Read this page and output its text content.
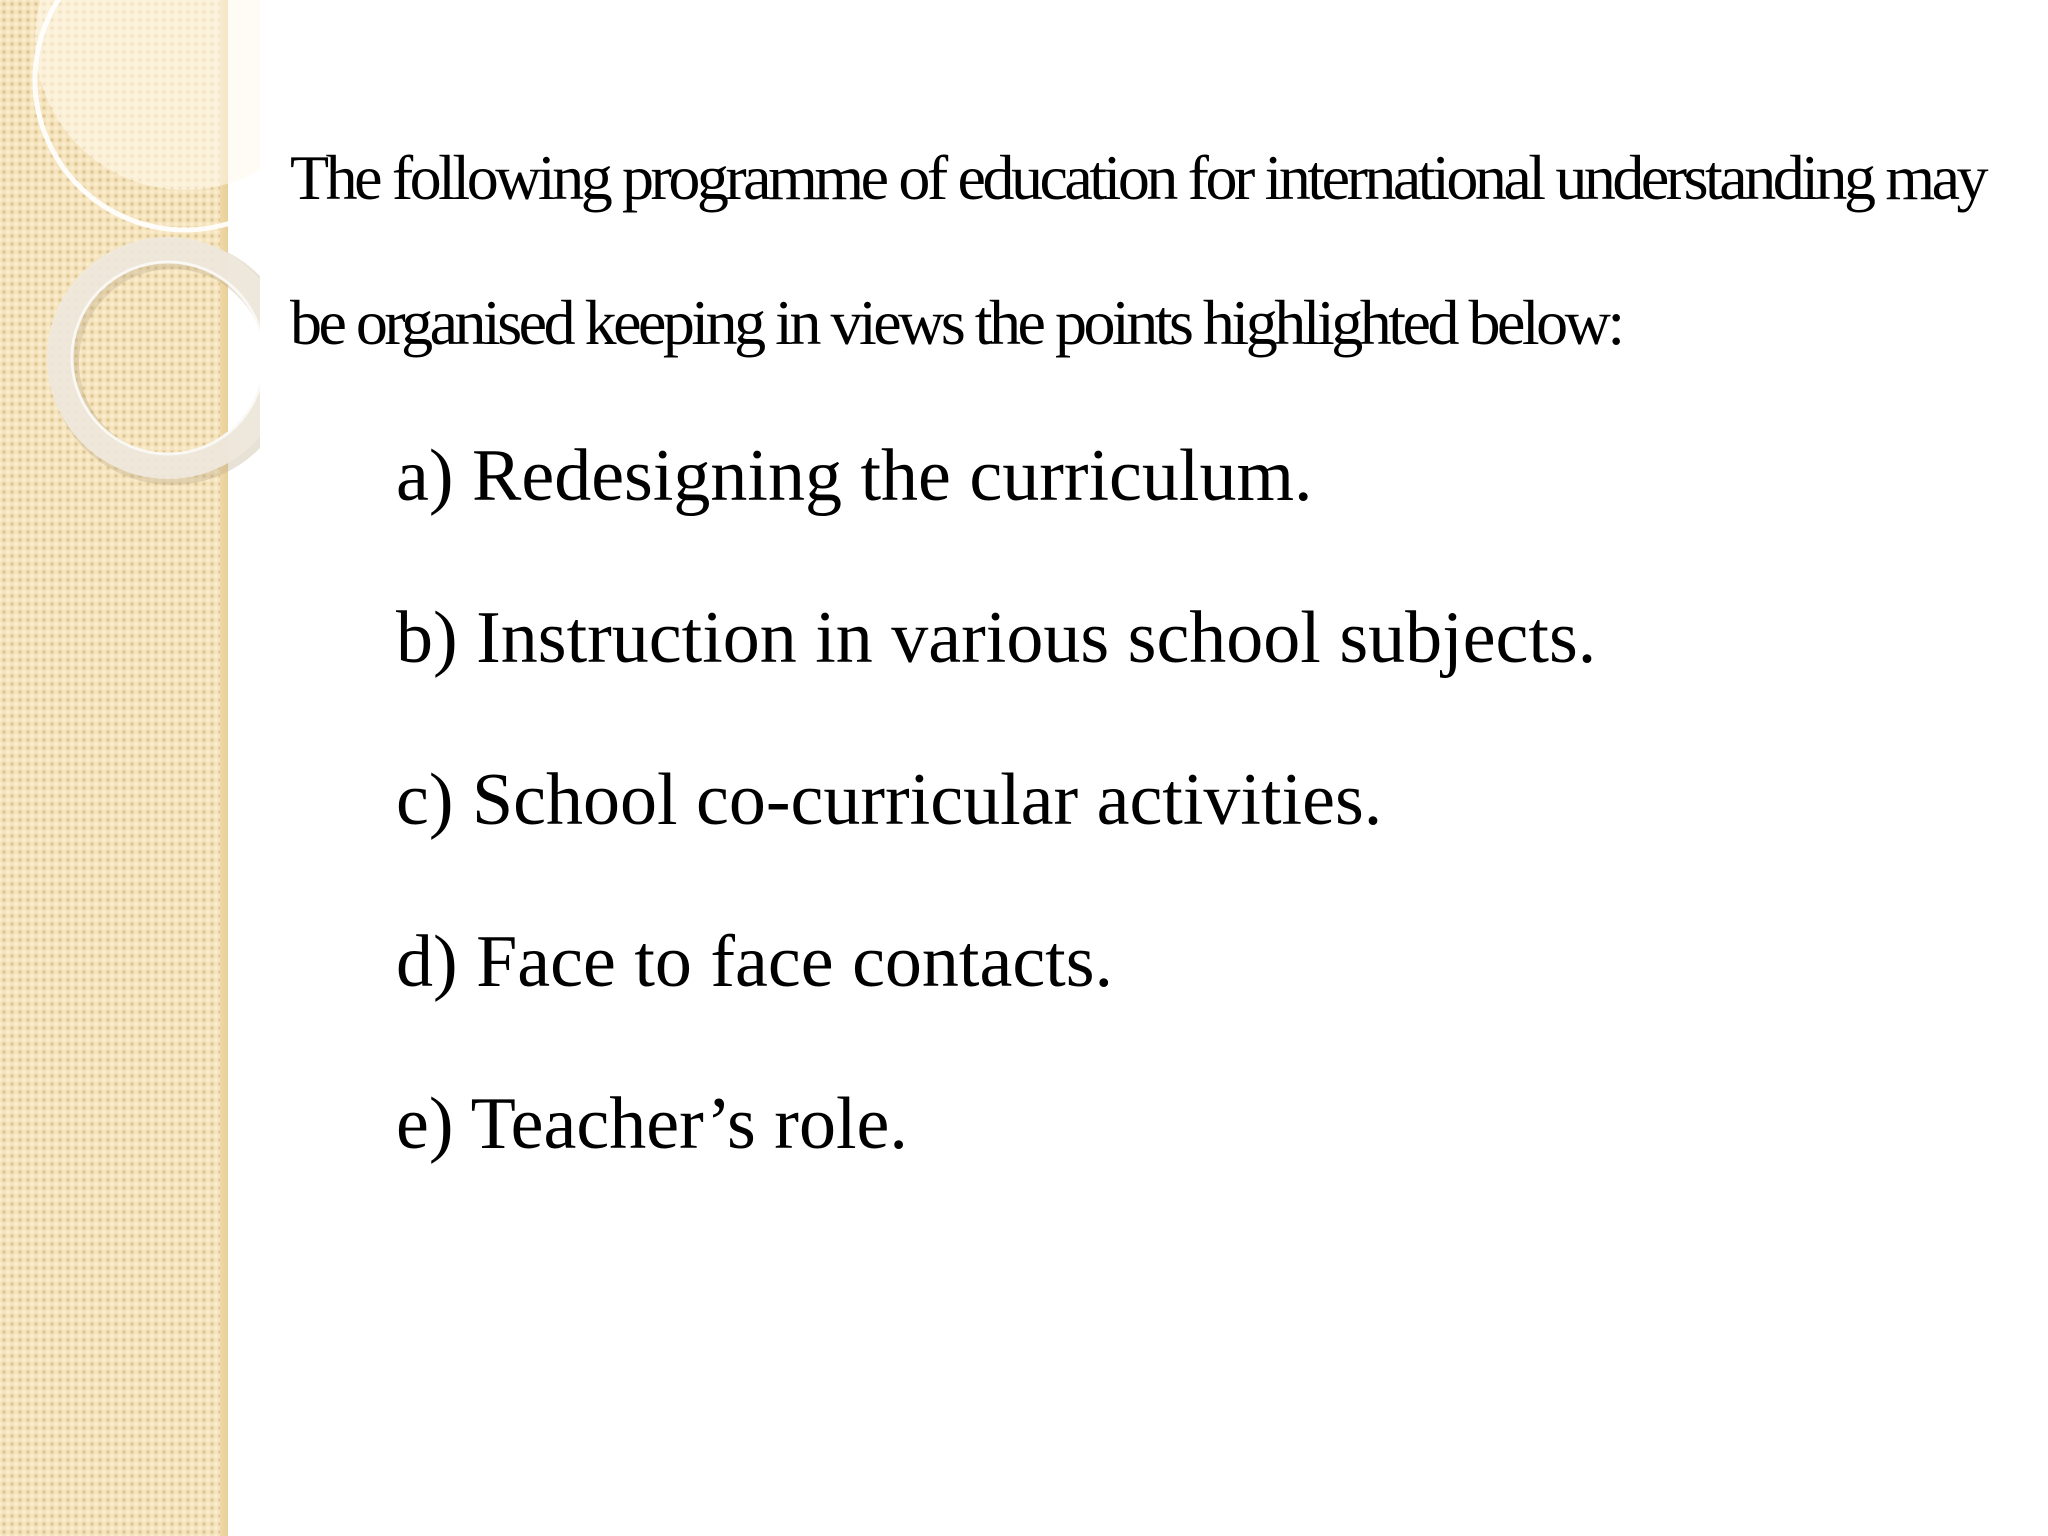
The following programme of education for international understanding may be organised keeping in views the points highlighted below:

a) Redesigning the curriculum.
b) Instruction in various school subjects.
c) School co-curricular activities.
d) Face to face contacts.
e) Teacher’s role.
